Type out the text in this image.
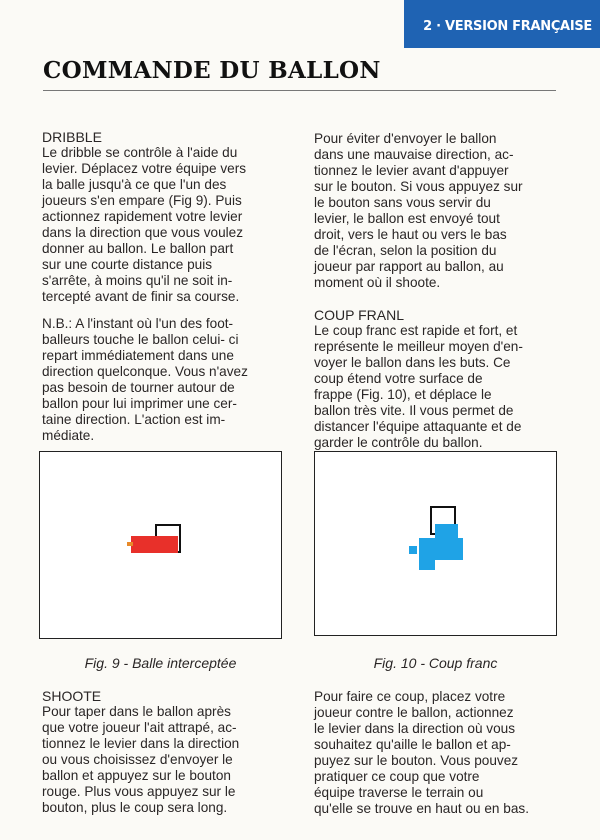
2 · VERSION FRANÇAISE
COMMANDE DU BALLON

DRIBBLE

Le dribble se contrôle à l'aide du

levier. Déplacez votre équipe vers

la balle jusqu'à ce que l'un des

joueurs s'en empare (Fig 9). Puis

actionnez rapidement votre levier

dans la direction que vous voulez

donner au ballon. Le ballon part

sur une courte distance puis

s'arrête, à moins qu'il ne soit in-

tercepté avant de finir sa course.

N.B.: A l'instant où l'un des foot-

balleurs touche le ballon celui- ci

repart immédiatement dans une

direction quelconque. Vous n'avez

pas besoin de tourner autour de

ballon pour lui imprimer une cer-

taine direction. L'action est im-

médiate.

Pour éviter d'envoyer le ballon

dans une mauvaise direction, ac-

tionnez le levier avant d'appuyer

sur le bouton. Si vous appuyez sur

le bouton sans vous servir du

levier, le ballon est envoyé tout

droit, vers le haut ou vers le bas

de l'écran, selon la position du

joueur par rapport au ballon, au

moment où il shoote.

COUP FRANL

Le coup franc est rapide et fort, et

représente le meilleur moyen d'en-

voyer le ballon dans les buts. Ce

coup étend votre surface de

frappe (Fig. 10), et déplace le

ballon très vite. Il vous permet de

distancer l'équipe attaquante et de

garder le contrôle du ballon.

Fig. 9 - Balle interceptée	Fig. 10 - Coup franc

SHOOTE

Pour taper dans le ballon après

que votre joueur l'ait attrapé, ac-

tionnez le levier dans la direction

ou vous choisissez d'envoyer le

ballon et appuyez sur le bouton

rouge. Plus vous appuyez sur le

bouton, plus le coup sera long.

Pour faire ce coup, placez votre

joueur contre le ballon, actionnez

le levier dans la direction où vous

souhaitez qu'aille le ballon et ap-

puyez sur le bouton. Vous pouvez

pratiquer ce coup que votre

équipe traverse le terrain ou

qu'elle se trouve en haut ou en bas.
